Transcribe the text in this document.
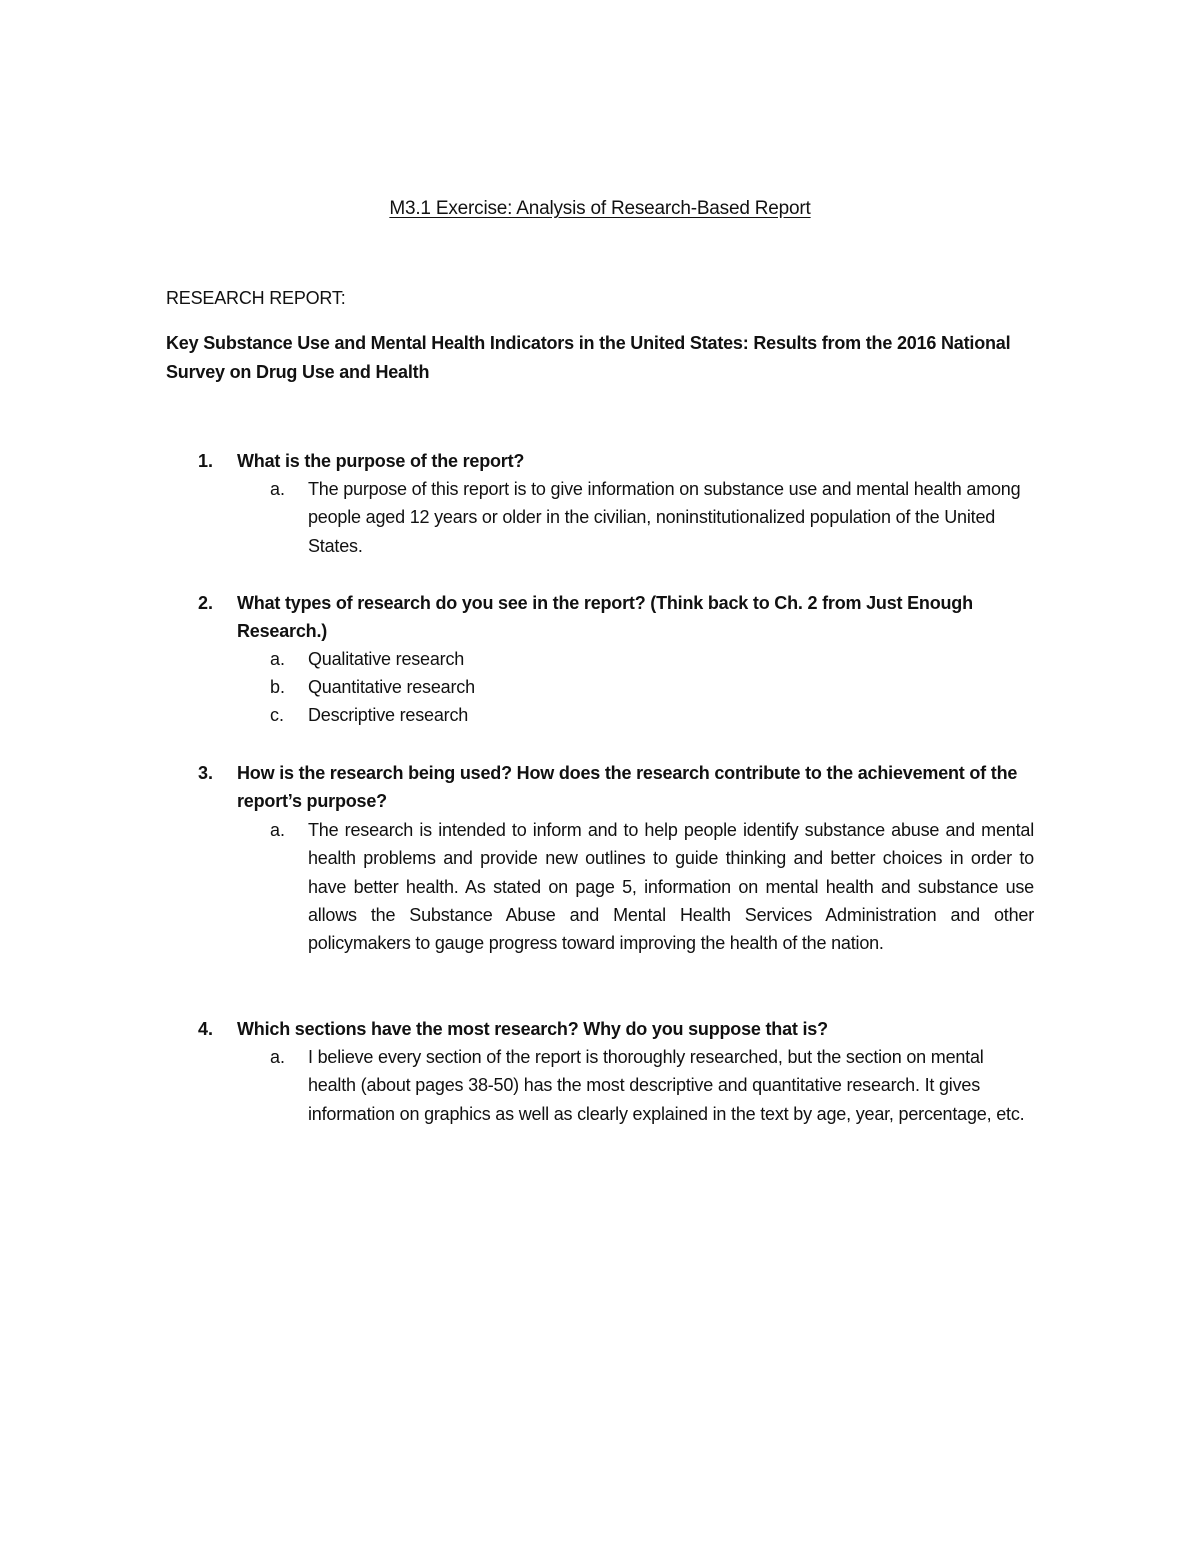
M3.1 Exercise: Analysis of Research-Based Report
RESEARCH REPORT:
Key Substance Use and Mental Health Indicators in the United States: Results from the 2016 National Survey on Drug Use and Health
1. What is the purpose of the report?
a. The purpose of this report is to give information on substance use and mental health among people aged 12 years or older in the civilian, noninstitutionalized population of the United States.
2. What types of research do you see in the report? (Think back to Ch. 2 from Just Enough Research.)
a. Qualitative research
b. Quantitative research
c. Descriptive research
3. How is the research being used? How does the research contribute to the achievement of the report’s purpose?
a. The research is intended to inform and to help people identify substance abuse and mental health problems and provide new outlines to guide thinking and better choices in order to have better health. As stated on page 5, information on mental health and substance use allows the Substance Abuse and Mental Health Services Administration and other policymakers to gauge progress toward improving the health of the nation.
4. Which sections have the most research? Why do you suppose that is?
a. I believe every section of the report is thoroughly researched, but the section on mental health (about pages 38-50) has the most descriptive and quantitative research. It gives information on graphics as well as clearly explained in the text by age, year, percentage, etc.
